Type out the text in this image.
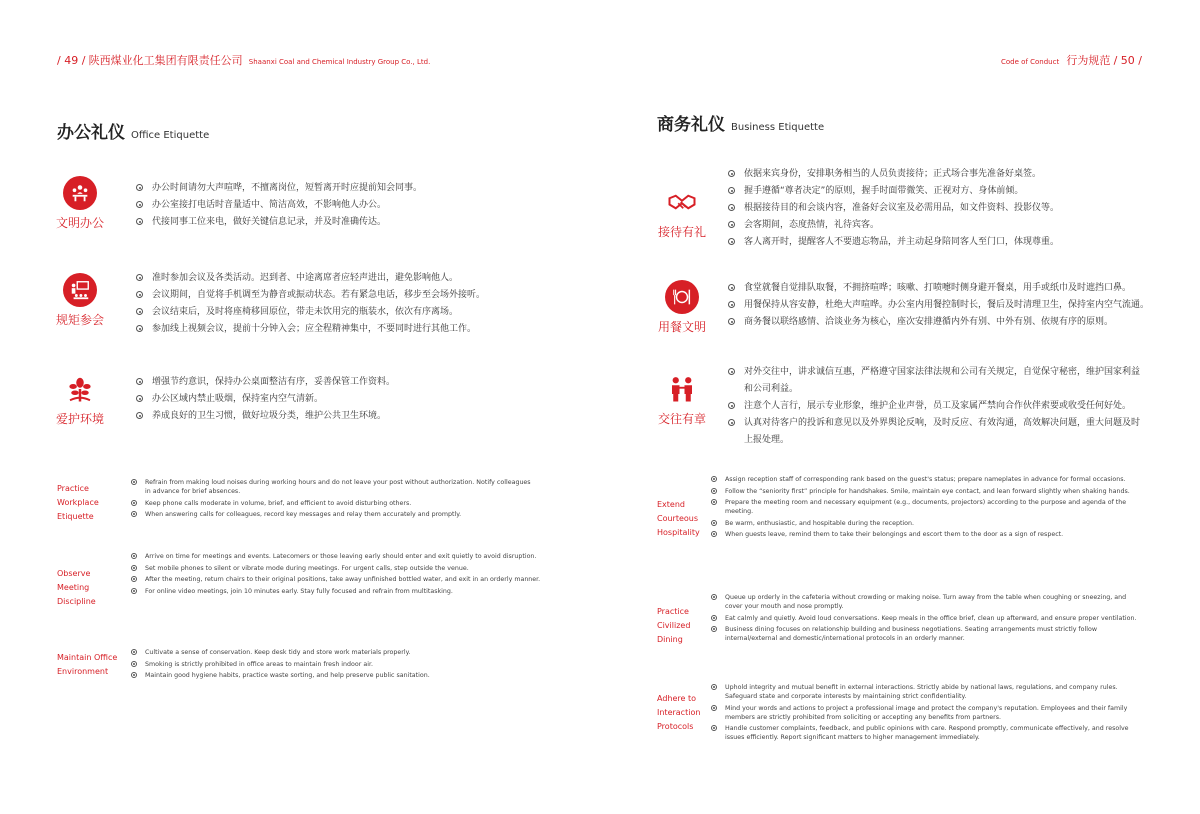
/ 49 / 陕西煤业化工集团有限责任公司 Shaanxi Coal and Chemical Industry Group Co., Ltd.	Code of Conduct 行为规范 / 50 /
办公礼仪 Office Etiquette
文明办公
办公时间请勿大声喧哗，不擅离岗位，短暂离开时应提前知会同事。
办公室接打电话时音量适中、简洁高效，不影响他人办公。
代接同事工位来电，做好关键信息记录，并及时准确传达。
规矩参会
准时参加会议及各类活动。迟到者、中途离席者应轻声进出，避免影响他人。
会议期间，自觉将手机调至为静音或振动状态。若有紧急电话，移步至会场外接听。
会议结束后，及时将座椅移回原位，带走未饮用完的瓶装水，依次有序离场。
参加线上视频会议，提前十分钟入会；应全程精神集中，不要同时进行其他工作。
爱护环境
增强节约意识，保持办公桌面整洁有序，妥善保管工作资料。
办公区域内禁止吸烟，保持室内空气清新。
养成良好的卫生习惯，做好垃圾分类，维护公共卫生环境。
Practice
Workplace
Etiquette
Refrain from making loud noises during working hours and do not leave your post without authorization. Notify colleagues in advance for brief absences.
Keep phone calls moderate in volume, brief, and efficient to avoid disturbing others.
When answering calls for colleagues, record key messages and relay them accurately and promptly.
Observe
Meeting
Discipline
Arrive on time for meetings and events. Latecomers or those leaving early should enter and exit quietly to avoid disruption.
Set mobile phones to silent or vibrate mode during meetings. For urgent calls, step outside the venue.
After the meeting, return chairs to their original positions, take away unfinished bottled water, and exit in an orderly manner.
For online video meetings, join 10 minutes early. Stay fully focused and refrain from multitasking.
Maintain Office
Environment
Cultivate a sense of conservation. Keep desk tidy and store work materials properly.
Smoking is strictly prohibited in office areas to maintain fresh indoor air.
Maintain good hygiene habits, practice waste sorting, and help preserve public sanitation.
商务礼仪 Business Etiquette
接待有礼
依据来宾身份，安排职务相当的人员负责接待；正式场合事先准备好桌签。
握手遵循“尊者决定”的原则，握手时面带微笑、正视对方、身体前倾。
根据接待目的和会谈内容，准备好会议室及必需用品，如文件资料、投影仪等。
会客期间，态度热情，礼待宾客。
客人离开时，提醒客人不要遗忘物品，并主动起身陪同客人至门口，体现尊重。
用餐文明
食堂就餐自觉排队取餐，不拥挤喧哗；咳嗽、打喷嚏时侧身避开餐桌，用手或纸巾及时遮挡口鼻。
用餐保持从容安静，杜绝大声喧哗。办公室内用餐控制时长，餐后及时清理卫生，保持室内空气流通。
商务餐以联络感情、洽谈业务为核心，座次安排遵循内外有别、中外有别、依规有序的原则。
交往有章
对外交往中，讲求诚信互惠，严格遵守国家法律法规和公司有关规定，自觉保守秘密，维护国家利益和公司利益。
注意个人言行，展示专业形象，维护企业声誉，员工及家属严禁向合作伙伴索要或收受任何好处。
认真对待客户的投诉和意见以及外界舆论反响，及时反应、有效沟通，高效解决问题，重大问题及时上报处理。
Extend
Courteous
Hospitality
Assign reception staff of corresponding rank based on the guest's status; prepare nameplates in advance for formal occasions.
Follow the “seniority first” principle for handshakes. Smile, maintain eye contact, and lean forward slightly when shaking hands.
Prepare the meeting room and necessary equipment (e.g., documents, projectors) according to the purpose and agenda of the meeting.
Be warm, enthusiastic, and hospitable during the reception.
When guests leave, remind them to take their belongings and escort them to the door as a sign of respect.
Practice
Civilized
Dining
Queue up orderly in the cafeteria without crowding or making noise. Turn away from the table when coughing or sneezing, and cover your mouth and nose promptly.
Eat calmly and quietly. Avoid loud conversations. Keep meals in the office brief, clean up afterward, and ensure proper ventilation.
Business dining focuses on relationship building and business negotiations. Seating arrangements must strictly follow internal/external and domestic/international protocols in an orderly manner.
Adhere to
Interaction
Protocols
Uphold integrity and mutual benefit in external interactions. Strictly abide by national laws, regulations, and company rules. Safeguard state and corporate interests by maintaining strict confidentiality.
Mind your words and actions to project a professional image and protect the company's reputation. Employees and their family members are strictly prohibited from soliciting or accepting any benefits from partners.
Handle customer complaints, feedback, and public opinions with care. Respond promptly, communicate effectively, and resolve issues efficiently. Report significant matters to higher management immediately.
